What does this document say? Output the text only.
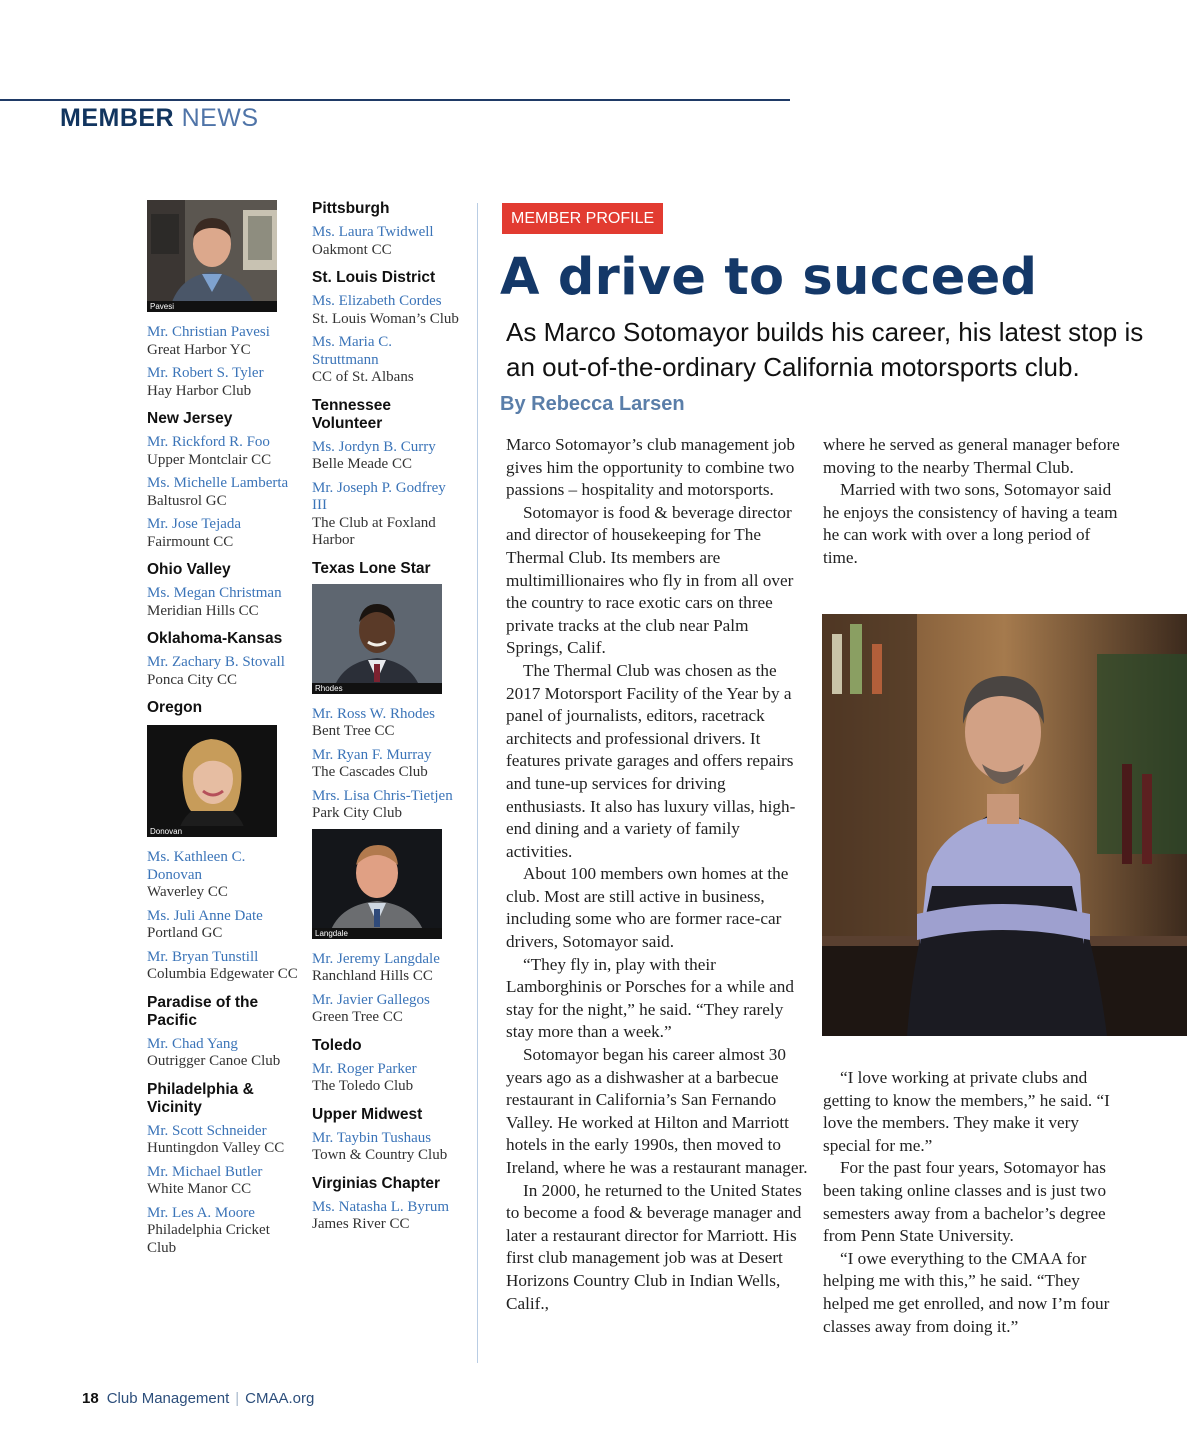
MEMBER NEWS
Pavesi
Mr. Christian Pavesi
Great Harbor YC
Mr. Robert S. Tyler
Hay Harbor Club
New Jersey
Mr. Rickford R. Foo
Upper Montclair CC
Ms. Michelle Lamberta
Baltusrol GC
Mr. Jose Tejada
Fairmount CC
Ohio Valley
Ms. Megan Christman
Meridian Hills CC
Oklahoma-Kansas
Mr. Zachary B. Stovall
Ponca City CC
Oregon
Donovan
Ms. Kathleen C. Donovan
Waverley CC
Ms. Juli Anne Date
Portland GC
Mr. Bryan Tunstill
Columbia Edgewater CC
Paradise of the Pacific
Mr. Chad Yang
Outrigger Canoe Club
Philadelphia & Vicinity
Mr. Scott Schneider
Huntingdon Valley CC
Mr. Michael Butler
White Manor CC
Mr. Les A. Moore
Philadelphia Cricket Club
Pittsburgh
Ms. Laura Twidwell
Oakmont CC
St. Louis District
Ms. Elizabeth Cordes
St. Louis Woman’s Club
Ms. Maria C. Struttmann
CC of St. Albans
Tennessee Volunteer
Ms. Jordyn B. Curry
Belle Meade CC
Mr. Joseph P. Godfrey III
The Club at Foxland Harbor
Texas Lone Star
Rhodes
Mr. Ross W. Rhodes
Bent Tree CC
Mr. Ryan F. Murray
The Cascades Club
Mrs. Lisa Chris-Tietjen
Park City Club
Langdale
Mr. Jeremy Langdale
Ranchland Hills CC
Mr. Javier Gallegos
Green Tree CC
Toledo
Mr. Roger Parker
The Toledo Club
Upper Midwest
Mr. Taybin Tushaus
Town & Country Club
Virginias Chapter
Ms. Natasha L. Byrum
James River CC
MEMBER PROFILE
A drive to succeed
As Marco Sotomayor builds his career, his latest stop is an out-of-the-ordinary California motorsports club.
By Rebecca Larsen

Marco Sotomayor’s club management job gives him the opportunity to combine two passions – hospitality and motorsports.

Sotomayor is food & beverage director and director of housekeeping for The Thermal Club. Its members are multimillionaires who fly in from all over the country to race exotic cars on three private tracks at the club near Palm Springs, Calif.

The Thermal Club was chosen as the 2017 Motorsport Facility of the Year by a panel of journalists, editors, racetrack architects and professional drivers. It features private garages and offers repairs and tune-up services for driving enthusiasts. It also has luxury villas, high-end dining and a variety of family activities.

About 100 members own homes at the club. Most are still active in business, including some who are former race-car drivers, Sotomayor said.

“They fly in, play with their Lamborghinis or Porsches for a while and stay for the night,” he said. “They rarely stay more than a week.”

Sotomayor began his career almost 30 years ago as a dishwasher at a barbecue restaurant in California’s San Fernando Valley. He worked at Hilton and Marriott hotels in the early 1990s, then moved to Ireland, where he was a restaurant manager.

In 2000, he returned to the United States to become a food & beverage manager and later a restaurant director for Marriott. His first club management job was at Desert Horizons Country Club in Indian Wells, Calif.,

where he served as general manager before moving to the nearby Thermal Club.

Married with two sons, Sotomayor said he enjoys the consistency of having a team he can work with over a long period of time.

“I love working at private clubs and getting to know the members,” he said. “I love the members. They make it very special for me.”

For the past four years, Sotomayor has been taking online classes and is just two semesters away from a bachelor’s degree from Penn State University.

“I owe everything to the CMAA for helping me with this,” he said. “They helped me get enrolled, and now I’m four classes away from doing it.”

18 Club Management | CMAA.org
